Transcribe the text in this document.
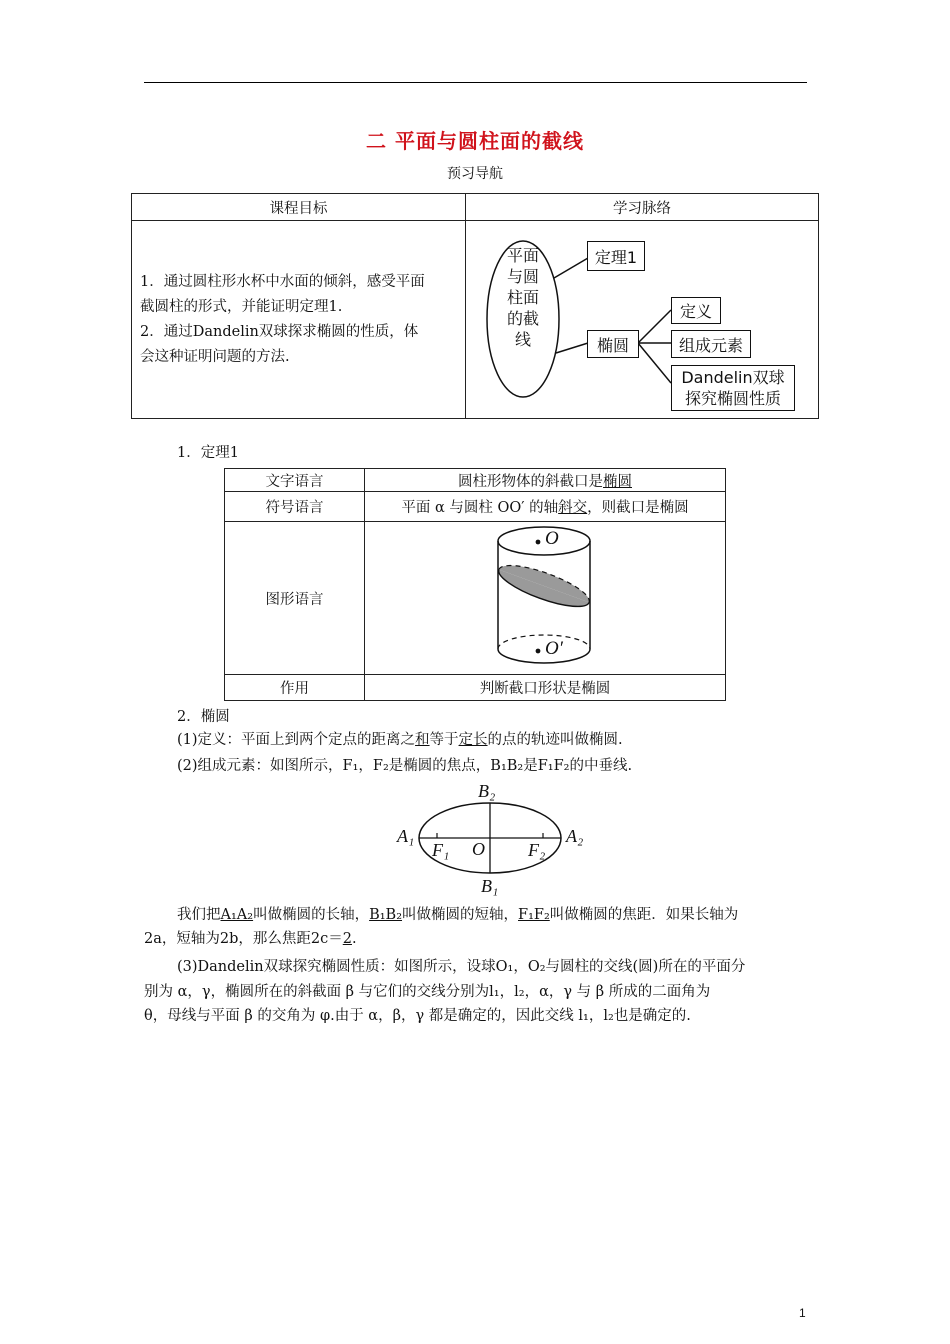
二 平面与圆柱面的截线
预习导航
课程目标	学习脉络

1．通过圆柱形水杯中水面的倾斜，感受平面
截圆柱的形式，并能证明定理1.
2．通过Dandelin双球探求椭圆的性质，体
会这种证明问题的方法.	

平面
与圆
柱面
的截
线
定理1
椭圆
定义
组成元素
Dandelin双球
探究椭圆性质
1．定理1
文字语言	圆柱形物体的斜截口是椭圆
符号语言	平面 α 与圆柱 OO′ 的轴斜交，则截口是椭圆
图形语言	
作用	判断截口形状是椭圆
O
O′
2．椭圆
(1)定义：平面上到两个定点的距离之和等于定长的点的轨迹叫做椭圆.
(2)组成元素：如图所示，F₁，F₂是椭圆的焦点，B₁B₂是F₁F₂的中垂线.
B₂
B₁
A₁	A₂
F₁	F₂
O
我们把A₁A₂叫做椭圆的长轴，B₁B₂叫做椭圆的短轴，F₁F₂叫做椭圆的焦距．如果长轴为
2a，短轴为2b，那么焦距2c＝2.
(3)Dandelin双球探究椭圆性质：如图所示，设球O₁，O₂与圆柱的交线(圆)所在的平面分
别为 α，γ，椭圆所在的斜截面 β 与它们的交线分别为l₁，l₂，α，γ 与 β 所成的二面角为
θ，母线与平面 β 的交角为 φ.由于 α，β，γ 都是确定的，因此交线 l₁，l₂也是确定的.
1
